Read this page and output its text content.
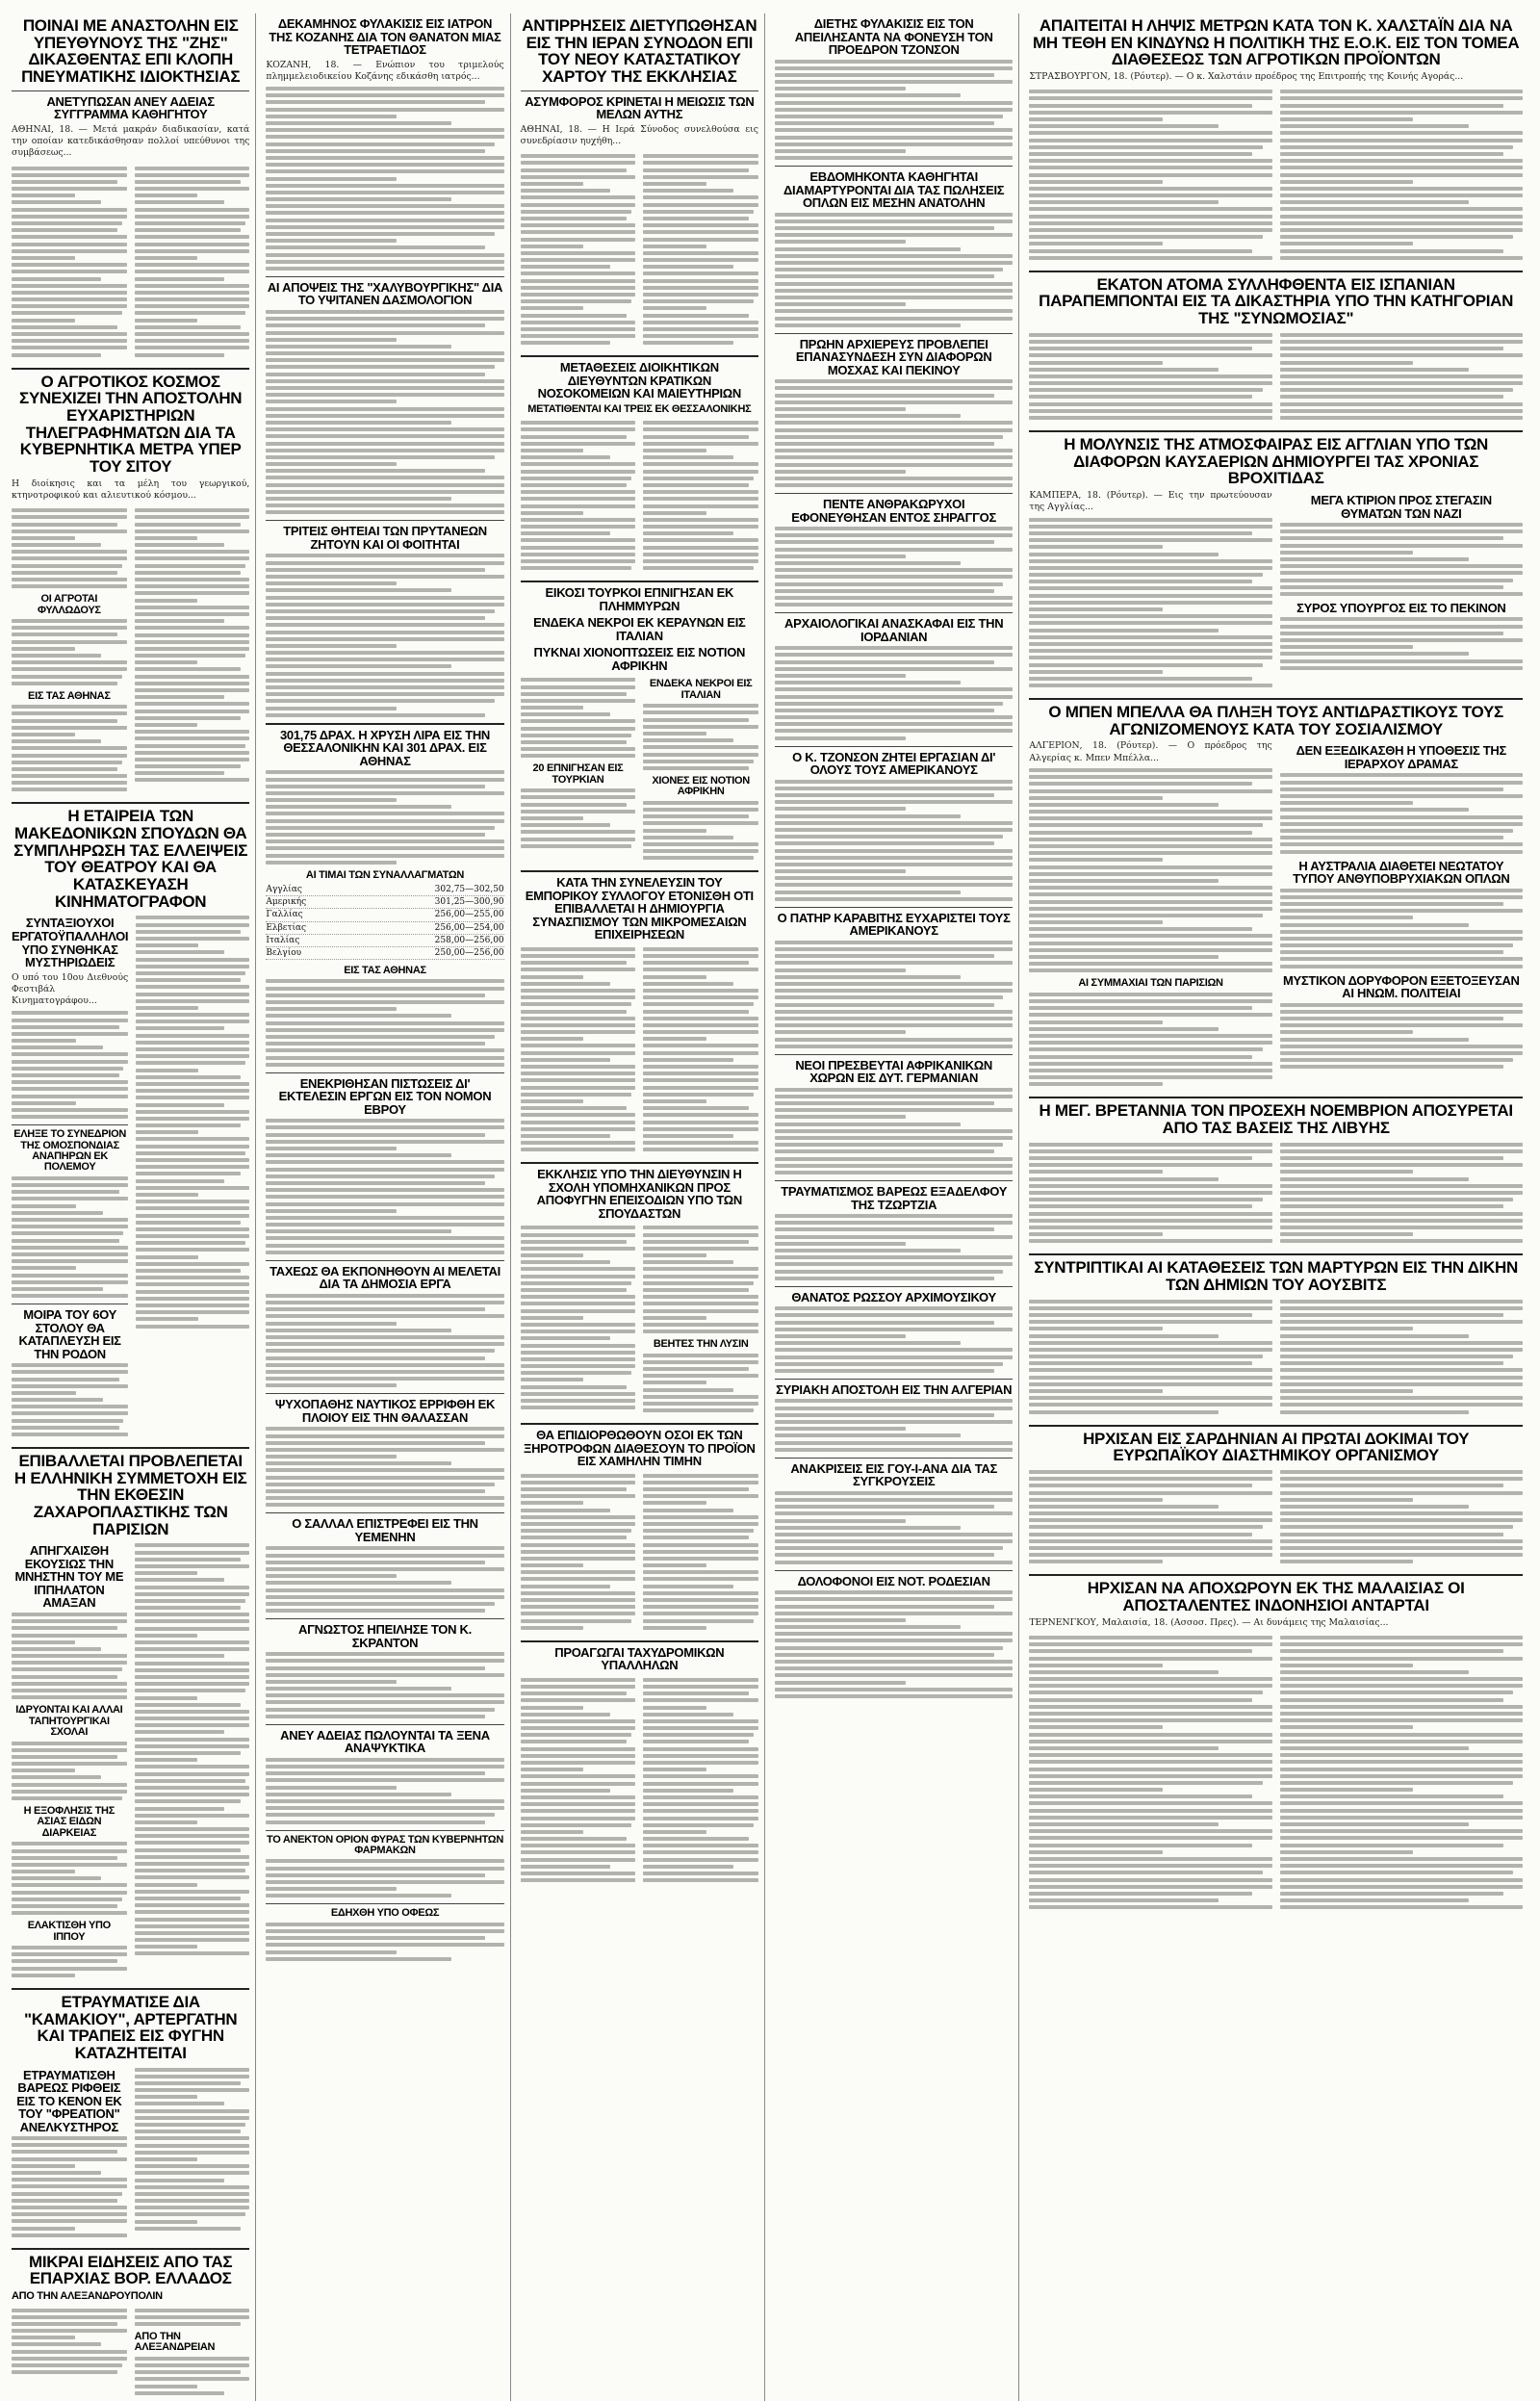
ΠΟΙΝΑΙ ΜΕ ΑΝΑΣΤΟΛΗΝ ΕΙΣ ΥΠΕΥΘΥΝΟΥΣ ΤΗΣ "ΖΗΣ" ΔΙΚΑΣΘΕΝΤΑΣ ΕΠΙ ΚΛΟΠΗ ΠΝΕΥΜΑΤΙΚΗΣ ΙΔΙΟΚΤΗΣΙΑΣ
ΑΝΕΤΥΠΩΣΑΝ ΑΝΕΥ ΑΔΕΙΑΣ ΣΥΓΓΡΑΜΜΑ ΚΑΘΗΓΗΤΟΥ
ΑΘΗΝΑΙ, 18. — Μετά μακράν διαδικασίαν, κατά την οποίαν κατεδικάσθησαν πολλοί υπεύθυνοι της συμβάσεως...
Ο ΑΓΡΟΤΙΚΟΣ ΚΟΣΜΟΣ ΣΥΝΕΧΙΖΕΙ ΤΗΝ ΑΠΟΣΤΟΛΗΝ ΕΥΧΑΡΙΣΤΗΡΙΩΝ ΤΗΛΕΓΡΑΦΗΜΑΤΩΝ ΔΙΑ ΤΑ ΚΥΒΕΡΝΗΤΙΚΑ ΜΕΤΡΑ ΥΠΕΡ ΤΟΥ ΣΙΤΟΥ
Η διοίκησις και τα μέλη του γεωργικού, κτηνοτροφικού και αλιευτικού κόσμου...
ΟΙ ΑΓΡΟΤΑΙ ΦΥΛΛΩΔΟΥΣ
ΕΙΣ ΤΑΣ ΑΘΗΝΑΣ
Η ΕΤΑΙΡΕΙΑ ΤΩΝ ΜΑΚΕΔΟΝΙΚΩΝ ΣΠΟΥΔΩΝ ΘΑ ΣΥΜΠΛΗΡΩΣΗ ΤΑΣ ΕΛΛΕΙΨΕΙΣ ΤΟΥ ΘΕΑΤΡΟΥ ΚΑΙ ΘΑ ΚΑΤΑΣΚΕΥΑΣΗ ΚΙΝΗΜΑΤΟΓΡΑΦΟΝ
ΣΥΝΤΑΞΙΟΥΧΟΙ ΕΡΓΑΤΟΫΠΑΛΛΗΛΟΙ ΥΠΟ ΣΥΝΘΗΚΑΣ ΜΥΣΤΗΡΙΩΔΕΙΣ
Ο υπό του 10ου Διεθνούς Φεστιβάλ Κινηματογράφου...
ΕΛΗΞΕ ΤΟ ΣΥΝΕΔΡΙΟΝ ΤΗΣ ΟΜΟΣΠΟΝΔΙΑΣ ΑΝΑΠΗΡΩΝ ΕΚ ΠΟΛΕΜΟΥ
ΜΟΙΡΑ ΤΟΥ 6ΟΥ ΣΤΟΛΟΥ ΘΑ ΚΑΤΑΠΛΕΥΣΗ ΕΙΣ ΤΗΝ ΡΟΔΟΝ
ΕΠΙΒΑΛΛΕΤΑΙ ΠΡΟΒΛΕΠΕΤΑΙ Η ΕΛΛΗΝΙΚΗ ΣΥΜΜΕΤΟΧΗ ΕΙΣ ΤΗΝ ΕΚΘΕΣΙΝ ΖΑΧΑΡΟΠΛΑΣΤΙΚΗΣ ΤΩΝ ΠΑΡΙΣΙΩΝ
ΑΠΗΓΧΑΙΣΘΗ ΕΚΟΥΣΙΩΣ ΤΗΝ ΜΝΗΣΤΗΝ ΤΟΥ ΜΕ ΙΠΠΗΛΑΤΟΝ ΑΜΑΞΑΝ
ΙΔΡΥΟΝΤΑΙ ΚΑΙ ΑΛΛΑΙ ΤΑΠΗΤΟΥΡΓΙΚΑΙ ΣΧΟΛΑΙ
Η ΕΞΟΦΛΗΣΙΣ ΤΗΣ ΑΣΙΑΣ ΕΙΔΩΝ ΔΙΑΡΚΕΙΑΣ
ΕΛΑΚΤΙΣΘΗ ΥΠΟ ΙΠΠΟΥ
ΕΤΡΑΥΜΑΤΙΣΕ ΔΙΑ "ΚΑΜΑΚΙΟΥ", ΑΡΤΕΡΓΑΤΗΝ ΚΑΙ ΤΡΑΠΕΙΣ ΕΙΣ ΦΥΓΗΝ ΚΑΤΑΖΗΤΕΙΤΑΙ
ΕΤΡΑΥΜΑΤΙΣΘΗ ΒΑΡΕΩΣ ΡΙΦΘΕΙΣ ΕΙΣ ΤΟ ΚΕΝΟΝ ΕΚ ΤΟΥ "ΦΡΕΑΤΙΟΝ" ΑΝΕΛΚΥΣΤΗΡΟΣ
ΜΙΚΡΑΙ ΕΙΔΗΣΕΙΣ ΑΠΟ ΤΑΣ ΕΠΑΡΧΙΑΣ ΒΟΡ. ΕΛΛΑΔΟΣ
ΑΠΟ ΤΗΝ ΑΛΕΞΑΝΔΡΟΥΠΟΛΙΝ
ΑΠΟ ΤΗΝ ΑΛΕΞΑΝΔΡΕΙΑΝ
ΔΕΚΑΜΗΝΟΣ ΦΥΛΑΚΙΣΙΣ ΕΙΣ ΙΑΤΡΟΝ ΤΗΣ ΚΟΖΑΝΗΣ ΔΙΑ ΤΟΝ ΘΑΝΑΤΟΝ ΜΙΑΣ ΤΕΤΡΑΕΤΙΔΟΣ
ΚΟΖΑΝΗ, 18. — Ενώπιον του τριμελούς πλημμελειοδικείου Κοζάνης εδικάσθη ιατρός...
ΑΙ ΑΠΟΨΕΙΣ ΤΗΣ "ΧΑΛΥΒΟΥΡΓΙΚΗΣ" ΔΙΑ ΤΟ ΥΨΙΤΑΝΕΝ ΔΑΣΜΟΛΟΓΙΟΝ
ΤΡΙΤΕΙΣ ΘΗΤΕΙΑΙ ΤΩΝ ΠΡΥΤΑΝΕΩΝ ΖΗΤΟΥΝ ΚΑΙ ΟΙ ΦΟΙΤΗΤΑΙ
301,75 ΔΡΑΧ. Η ΧΡΥΣΗ ΛΙΡΑ ΕΙΣ ΤΗΝ ΘΕΣΣΑΛΟΝΙΚΗΝ ΚΑΙ 301 ΔΡΑΧ. ΕΙΣ ΑΘΗΝΑΣ
ΑΙ ΤΙΜΑΙ ΤΩΝ ΣΥΝΑΛΛΑΓΜΑΤΩΝ
Αγγλίας	302,75—302,50
Αμερικής	301,25—300,90
Γαλλίας	256,00—255,00
Ελβετίας	256,00—254,00
Ιταλίας	258,00—256,00
Βελγίου	250,00—256,00
ΕΙΣ ΤΑΣ ΑΘΗΝΑΣ
ΕΝΕΚΡΙΘΗΣΑΝ ΠΙΣΤΩΣΕΙΣ ΔΙ' ΕΚΤΕΛΕΣΙΝ ΕΡΓΩΝ ΕΙΣ ΤΟΝ ΝΟΜΟΝ ΕΒΡΟΥ
ΤΑΧΕΩΣ ΘΑ ΕΚΠΟΝΗΘΟΥΝ ΑΙ ΜΕΛΕΤΑΙ ΔΙΑ ΤΑ ΔΗΜΟΣΙΑ ΕΡΓΑ
ΨΥΧΟΠΑΘΗΣ ΝΑΥΤΙΚΟΣ ΕΡΡΙΦΘΗ ΕΚ ΠΛΟΙΟΥ ΕΙΣ ΤΗΝ ΘΑΛΑΣΣΑΝ
Ο ΣΑΛΛΑΛ ΕΠΙΣΤΡΕΦΕΙ ΕΙΣ ΤΗΝ ΥΕΜΕΝΗΝ
ΑΓΝΩΣΤΟΣ ΗΠΕΙΛΗΣΕ ΤΟΝ Κ. ΣΚΡΑΝΤΟΝ
ΑΝΕΥ ΑΔΕΙΑΣ ΠΩΛΟΥΝΤΑΙ ΤΑ ΞΕΝΑ ΑΝΑΨΥΚΤΙΚΑ
ΤΟ ΑΝΕΚΤΟΝ ΟΡΙΟΝ ΦΥΡΑΣ ΤΩΝ ΚΥΒΕΡΝΗΤΩΝ ΦΑΡΜΑΚΩΝ
ΕΔΗΧΘΗ ΥΠΟ ΟΦΕΩΣ
ΑΝΤΙΡΡΗΣΕΙΣ ΔΙΕΤΥΠΩΘΗΣΑΝ ΕΙΣ ΤΗΝ ΙΕΡΑΝ ΣΥΝΟΔΟΝ ΕΠΙ ΤΟΥ ΝΕΟΥ ΚΑΤΑΣΤΑΤΙΚΟΥ ΧΑΡΤΟΥ ΤΗΣ ΕΚΚΛΗΣΙΑΣ
ΑΣΥΜΦΟΡΟΣ ΚΡΙΝΕΤΑΙ Η ΜΕΙΩΣΙΣ ΤΩΝ ΜΕΛΩΝ ΑΥΤΗΣ
ΑΘΗΝΑΙ, 18. — Η Ιερά Σύνοδος συνελθούσα εις συνεδρίασιν ηυχήθη...
ΜΕΤΑΘΕΣΕΙΣ ΔΙΟΙΚΗΤΙΚΩΝ ΔΙΕΥΘΥΝΤΩΝ ΚΡΑΤΙΚΩΝ ΝΟΣΟΚΟΜΕΙΩΝ ΚΑΙ ΜΑΙΕΥΤΗΡΙΩΝ
ΜΕΤΑΤΙΘΕΝΤΑΙ ΚΑΙ ΤΡΕΙΣ ΕΚ ΘΕΣΣΑΛΟΝΙΚΗΣ
ΕΙΚΟΣΙ ΤΟΥΡΚΟΙ ΕΠΝΙΓΗΣΑΝ ΕΚ ΠΛΗΜΜΥΡΩΝ
ΕΝΔΕΚΑ ΝΕΚΡΟΙ ΕΚ ΚΕΡΑΥΝΩΝ ΕΙΣ ΙΤΑΛΙΑΝ
ΠΥΚΝΑΙ ΧΙΟΝΟΠΤΩΣΕΙΣ ΕΙΣ ΝΟΤΙΟΝ ΑΦΡΙΚΗΝ
20 ΕΠΝΙΓΗΣΑΝ ΕΙΣ ΤΟΥΡΚΙΑΝ
ΕΝΔΕΚΑ ΝΕΚΡΟΙ ΕΙΣ ΙΤΑΛΙΑΝ
ΧΙΟΝΕΣ ΕΙΣ ΝΟΤΙΟΝ ΑΦΡΙΚΗΝ
ΚΑΤΑ ΤΗΝ ΣΥΝΕΛΕΥΣΙΝ ΤΟΥ ΕΜΠΟΡΙΚΟΥ ΣΥΛΛΟΓΟΥ ΕΤΟΝΙΣΘΗ ΟΤΙ ΕΠΙΒΑΛΛΕΤΑΙ Η ΔΗΜΙΟΥΡΓΙΑ ΣΥΝΑΣΠΙΣΜΟΥ ΤΩΝ ΜΙΚΡΟΜΕΣΑΙΩΝ ΕΠΙΧΕΙΡΗΣΕΩΝ
ΕΚΚΛΗΣΙΣ ΥΠΟ ΤΗΝ ΔΙΕΥΘΥΝΣΙΝ Η ΣΧΟΛΗ ΥΠΟΜΗΧΑΝΙΚΩΝ ΠΡΟΣ ΑΠΟΦΥΓΗΝ ΕΠΕΙΣΟΔΙΩΝ ΥΠΟ ΤΩΝ ΣΠΟΥΔΑΣΤΩΝ
ΒΕΗΤΕΣ ΤΗΝ ΛΥΣΙΝ
ΘΑ ΕΠΙΔΙΟΡΘΩΘΟΥΝ ΟΣΟΙ ΕΚ ΤΩΝ ΞΗΡΟΤΡΟΦΩΝ ΔΙΑΘΕΣΟΥΝ ΤΟ ΠΡΟΪΟΝ ΕΙΣ ΧΑΜΗΛΗΝ ΤΙΜΗΝ
ΠΡΟΑΓΩΓΑΙ ΤΑΧΥΔΡΟΜΙΚΩΝ ΥΠΑΛΛΗΛΩΝ
ΔΙΕΤΗΣ ΦΥΛΑΚΙΣΙΣ ΕΙΣ ΤΟΝ ΑΠΕΙΛΗΣΑΝΤΑ ΝΑ ΦΟΝΕΥΣΗ ΤΟΝ ΠΡΟΕΔΡΟΝ ΤΖΟΝΣΟΝ
ΕΒΔΟΜΗΚΟΝΤΑ ΚΑΘΗΓΗΤΑΙ ΔΙΑΜΑΡΤΥΡΟΝΤΑΙ ΔΙΑ ΤΑΣ ΠΩΛΗΣΕΙΣ ΟΠΛΩΝ ΕΙΣ ΜΕΣΗΝ ΑΝΑΤΟΛΗΝ
ΠΡΩΗΝ ΑΡΧΙΕΡΕΥΣ ΠΡΟΒΛΕΠΕΙ ΕΠΑΝΑΣΥΝΔΕΣΗ ΣΥΝ ΔΙΑΦΟΡΩΝ ΜΟΣΧΑΣ ΚΑΙ ΠΕΚΙΝΟΥ
ΠΕΝΤΕ ΑΝΘΡΑΚΩΡΥΧΟΙ ΕΦΟΝΕΥΘΗΣΑΝ ΕΝΤΟΣ ΣΗΡΑΓΓΟΣ
ΑΡΧΑΙΟΛΟΓΙΚΑΙ ΑΝΑΣΚΑΦΑΙ ΕΙΣ ΤΗΝ ΙΟΡΔΑΝΙΑΝ
Ο Κ. ΤΖΟΝΣΟΝ ΖΗΤΕΙ ΕΡΓΑΣΙΑΝ ΔΙ' ΟΛΟΥΣ ΤΟΥΣ ΑΜΕΡΙΚΑΝΟΥΣ
Ο ΠΑΤΗΡ ΚΑΡΑΒΙΤΗΣ ΕΥΧΑΡΙΣΤΕΙ ΤΟΥΣ ΑΜΕΡΙΚΑΝΟΥΣ
ΝΕΟΙ ΠΡΕΣΒΕΥΤΑΙ ΑΦΡΙΚΑΝΙΚΩΝ ΧΩΡΩΝ ΕΙΣ ΔΥΤ. ΓΕΡΜΑΝΙΑΝ
ΤΡΑΥΜΑΤΙΣΜΟΣ ΒΑΡΕΩΣ ΕΞΑΔΕΛΦΟΥ ΤΗΣ ΤΖΩΡΤΖΙΑ
ΘΑΝΑΤΟΣ ΡΩΣΣΟΥ ΑΡΧΙΜΟΥΣΙΚΟΥ
ΣΥΡΙΑΚΗ ΑΠΟΣΤΟΛΗ ΕΙΣ ΤΗΝ ΑΛΓΕΡΙΑΝ
ΑΝΑΚΡΙΣΕΙΣ ΕΙΣ ΓΟΥ-Ι-ΑΝΑ ΔΙΑ ΤΑΣ ΣΥΓΚΡΟΥΣΕΙΣ
ΔΟΛΟΦΟΝΟΙ ΕΙΣ ΝΟΤ. ΡΟΔΕΣΙΑΝ
ΑΠΑΙΤΕΙΤΑΙ Η ΛΗΨΙΣ ΜΕΤΡΩΝ ΚΑΤΑ ΤΟΝ Κ. ΧΑΛΣΤΑΪΝ ΔΙΑ ΝΑ ΜΗ ΤΕΘΗ ΕΝ ΚΙΝΔΥΝΩ Η ΠΟΛΙΤΙΚΗ ΤΗΣ Ε.Ο.Κ. ΕΙΣ ΤΟΝ ΤΟΜΕΑ ΔΙΑΘΕΣΕΩΣ ΤΩΝ ΑΓΡΟΤΙΚΩΝ ΠΡΟΪΟΝΤΩΝ
ΣΤΡΑΣΒΟΥΡΓΟΝ, 18. (Ρόυτερ). — Ο κ. Χαλστάιν προέδρος της Επιτροπής της Κοινής Αγοράς...
ΕΚΑΤΟΝ ΑΤΟΜΑ ΣΥΛΛΗΦΘΕΝΤΑ ΕΙΣ ΙΣΠΑΝΙΑΝ ΠΑΡΑΠΕΜΠΟΝΤΑΙ ΕΙΣ ΤΑ ΔΙΚΑΣΤΗΡΙΑ ΥΠΟ ΤΗΝ ΚΑΤΗΓΟΡΙΑΝ ΤΗΣ "ΣΥΝΩΜΟΣΙΑΣ"
Η ΜΟΛΥΝΣΙΣ ΤΗΣ ΑΤΜΟΣΦΑΙΡΑΣ ΕΙΣ ΑΓΓΛΙΑΝ ΥΠΟ ΤΩΝ ΔΙΑΦΟΡΩΝ ΚΑΥΣΑΕΡΙΩΝ ΔΗΜΙΟΥΡΓΕΙ ΤΑΣ ΧΡΟΝΙΑΣ ΒΡΟΧΙΤΙΔΑΣ
ΚΑΜΠΕΡΑ, 18. (Ρόυτερ). — Εις την πρωτεύουσαν της Αγγλίας...	ΜΕΓΑ ΚΤΙΡΙΟΝ ΠΡΟΣ ΣΤΕΓΑΣΙΝ ΘΥΜΑΤΩΝ ΤΩΝ ΝΑΖΙ
ΣΥΡΟΣ ΥΠΟΥΡΓΟΣ ΕΙΣ ΤΟ ΠΕΚΙΝΟΝ
Ο ΜΠΕΝ ΜΠΕΛΛΑ ΘΑ ΠΛΗΞΗ ΤΟΥΣ ΑΝΤΙΔΡΑΣΤΙΚΟΥΣ ΤΟΥΣ ΑΓΩΝΙΖΟΜΕΝΟΥΣ ΚΑΤΑ ΤΟΥ ΣΟΣΙΑΛΙΣΜΟΥ
ΑΛΓΕΡΙΟΝ, 18. (Ρόυτερ). — Ο πρόεδρος της Αλγερίας κ. Μπεν Μπέλλα...
ΑΙ ΣΥΜΜΑΧΙΑΙ ΤΩΝ ΠΑΡΙΣΙΩΝ
ΔΕΝ ΕΞΕΔΙΚΑΣΘΗ Η ΥΠΟΘΕΣΙΣ ΤΗΣ ΙΕΡΑΡΧΟΥ ΔΡΑΜΑΣ
Η ΑΥΣΤΡΑΛΙΑ ΔΙΑΘΕΤΕΙ ΝΕΩΤΑΤΟΥ ΤΥΠΟΥ ΑΝΘΥΠΟΒΡΥΧΙΑΚΩΝ ΟΠΛΩΝ
ΜΥΣΤΙΚΟΝ ΔΟΡΥΦΟΡΟΝ ΕΞΕΤΟΞΕΥΣΑΝ ΑΙ ΗΝΩΜ. ΠΟΛΙΤΕΙΑΙ
Η ΜΕΓ. ΒΡΕΤΑΝΝΙΑ ΤΟΝ ΠΡΟΣΕΧΗ ΝΟΕΜΒΡΙΟΝ ΑΠΟΣΥΡΕΤΑΙ ΑΠΟ ΤΑΣ ΒΑΣΕΙΣ ΤΗΣ ΛΙΒΥΗΣ
ΣΥΝΤΡΙΠΤΙΚΑΙ ΑΙ ΚΑΤΑΘΕΣΕΙΣ ΤΩΝ ΜΑΡΤΥΡΩΝ ΕΙΣ ΤΗΝ ΔΙΚΗΝ ΤΩΝ ΔΗΜΙΩΝ ΤΟΥ ΑΟΥΣΒΙΤΣ
ΗΡΧΙΣΑΝ ΕΙΣ ΣΑΡΔΗΝΙΑΝ ΑΙ ΠΡΩΤΑΙ ΔΟΚΙΜΑΙ ΤΟΥ ΕΥΡΩΠΑΪΚΟΥ ΔΙΑΣΤΗΜΙΚΟΥ ΟΡΓΑΝΙΣΜΟΥ
ΗΡΧΙΣΑΝ ΝΑ ΑΠΟΧΩΡΟΥΝ ΕΚ ΤΗΣ ΜΑΛΑΙΣΙΑΣ ΟΙ ΑΠΟΣΤΑΛΕΝΤΕΣ ΙΝΔΟΝΗΣΙΟΙ ΑΝΤΑΡΤΑΙ
ΤΕΡΝΕΝΓΚΟΥ, Μαλαισία, 18. (Ασσοσ. Πρες). — Αι δυνάμεις της Μαλαισίας...
